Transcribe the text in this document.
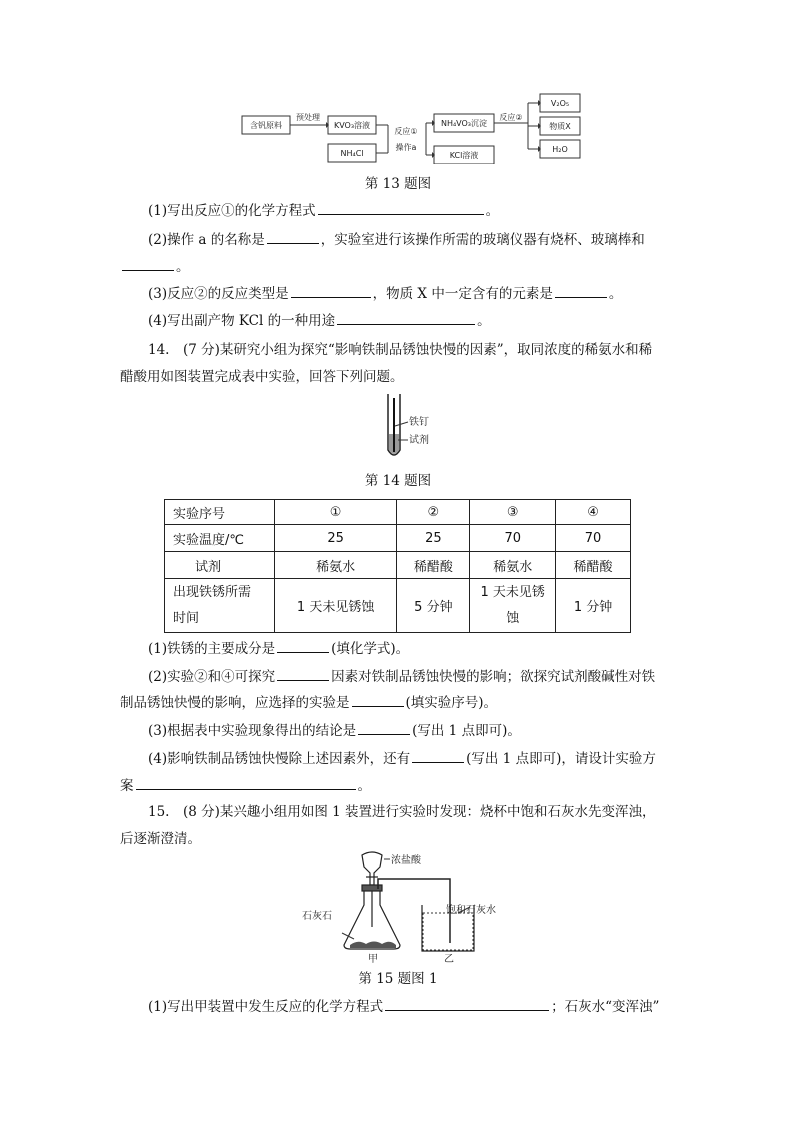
含钒原料	KVO₃溶液
NH₄Cl
NH₄VO₃沉淀
KCl溶液
V₂O₅
物质X
H₂O
预处理
反应①
操作a
反应②
第 13 题图
(1)写出反应①的化学方程式	。
(2)操作 a 的名称是	，实验室进行该操作所需的玻璃仪器有烧杯、玻璃棒和
。
(3)反应②的反应类型是	，物质 X 中一定含有的元素是	。
(4)写出副产物 KCl 的一种用途	。
14.　(7 分)某研究小组为探究“影响铁制品锈蚀快慢的因素”，取同浓度的稀氨水和稀
醋酸用如图装置完成表中实验，回答下列问题。
铁钉
试剂
第 14 题图
实验序号	①	②	③	④
实验温度/℃	25	25	70	70
试剂	稀氨水	稀醋酸	稀氨水	稀醋酸
出现铁锈所需时间	1 天未见锈蚀	5 分钟	1 天未见锈蚀	1 分钟
(1)铁锈的主要成分是	(填化学式)。
(2)实验②和④可探究	因素对铁制品锈蚀快慢的影响；欲探究试剂酸碱性对铁
制品锈蚀快慢的影响，应选择的实验是	(填实验序号)。
(3)根据表中实验现象得出的结论是	(写出 1 点即可)。
(4)影响铁制品锈蚀快慢除上述因素外，还有	(写出 1 点即可)，请设计实验方
案	。
15.　(8 分)某兴趣小组用如图 1 装置进行实验时发现：烧杯中饱和石灰水先变浑浊，
后逐渐澄清。
浓盐酸
石灰石
饱和石灰水
甲	乙
第 15 题图 1
(1)写出甲装置中发生反应的化学方程式	；石灰水“变浑浊”
